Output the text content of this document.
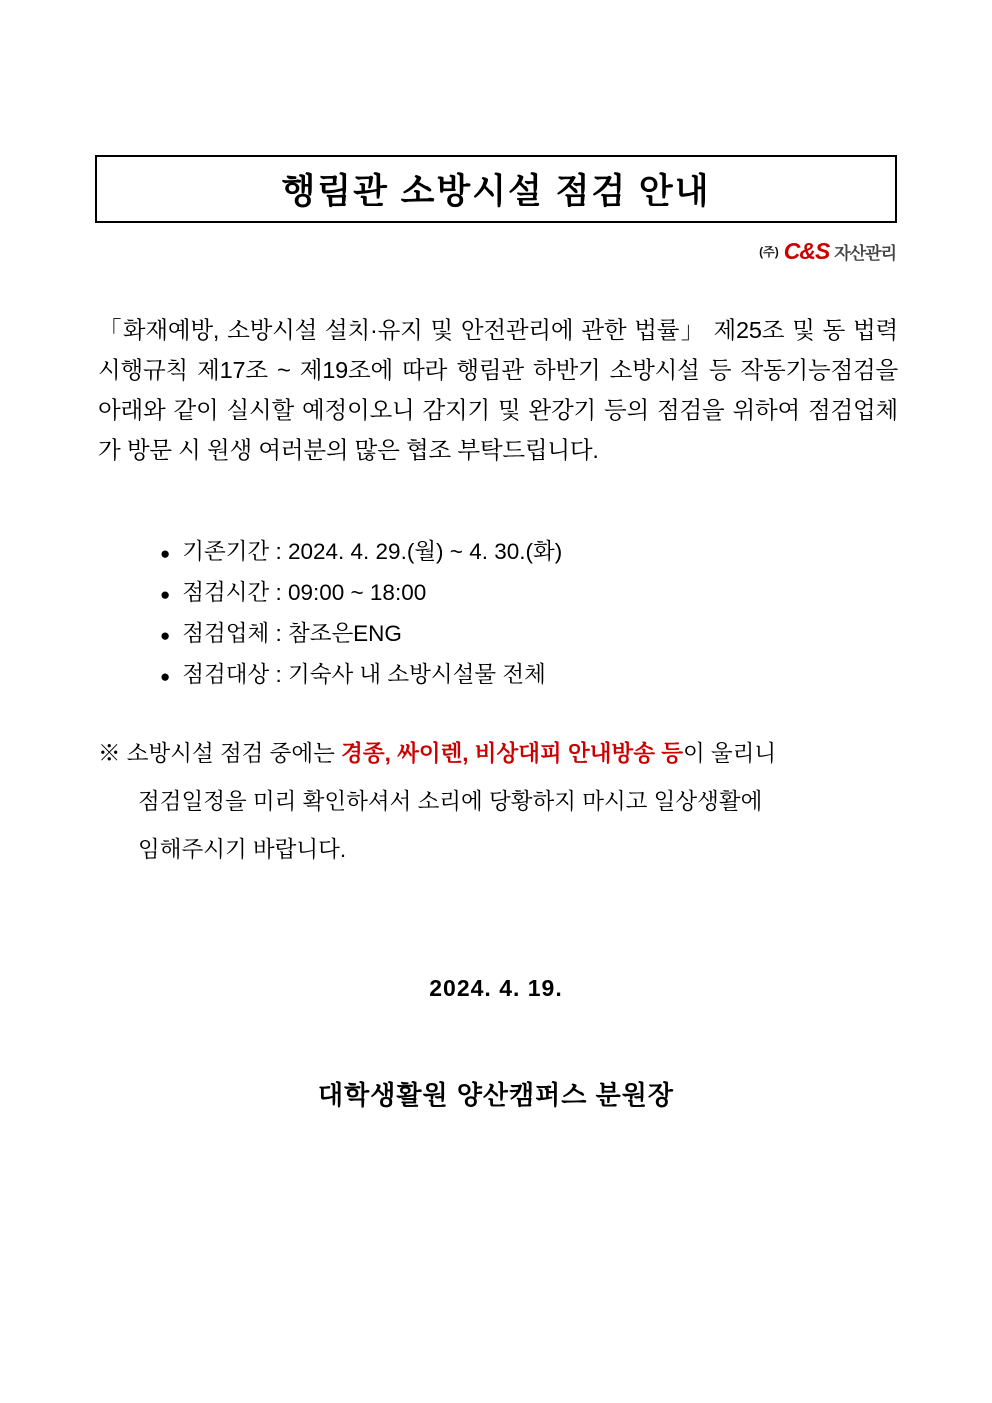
행림관 소방시설 점검 안내
(주) C&S 자산관리
「화재예방, 소방시설 설치·유지 및 안전관리에 관한 법률」 제25조 및 동 법력 시행규칙 제17조 ~ 제19조에 따라 행림관 하반기 소방시설 등 작동기능점검을 아래와 같이 실시할 예정이오니 감지기 및 완강기 등의 점검을 위하여 점검업체가 방문 시 원생 여러분의 많은 협조 부탁드립니다.
● 기존기간 : 2024. 4. 29.(월) ~ 4. 30.(화)
● 점검시간 : 09:00 ~ 18:00
● 점검업체 : 참조은ENG
● 점검대상 : 기숙사 내 소방시설물 전체
※ 소방시설 점검 중에는 경종, 싸이렌, 비상대피 안내방송 등이 울리니
점검일정을 미리 확인하셔서 소리에 당황하지 마시고 일상생활에
임해주시기 바랍니다.
2024. 4. 19.
대학생활원 양산캠퍼스 분원장
